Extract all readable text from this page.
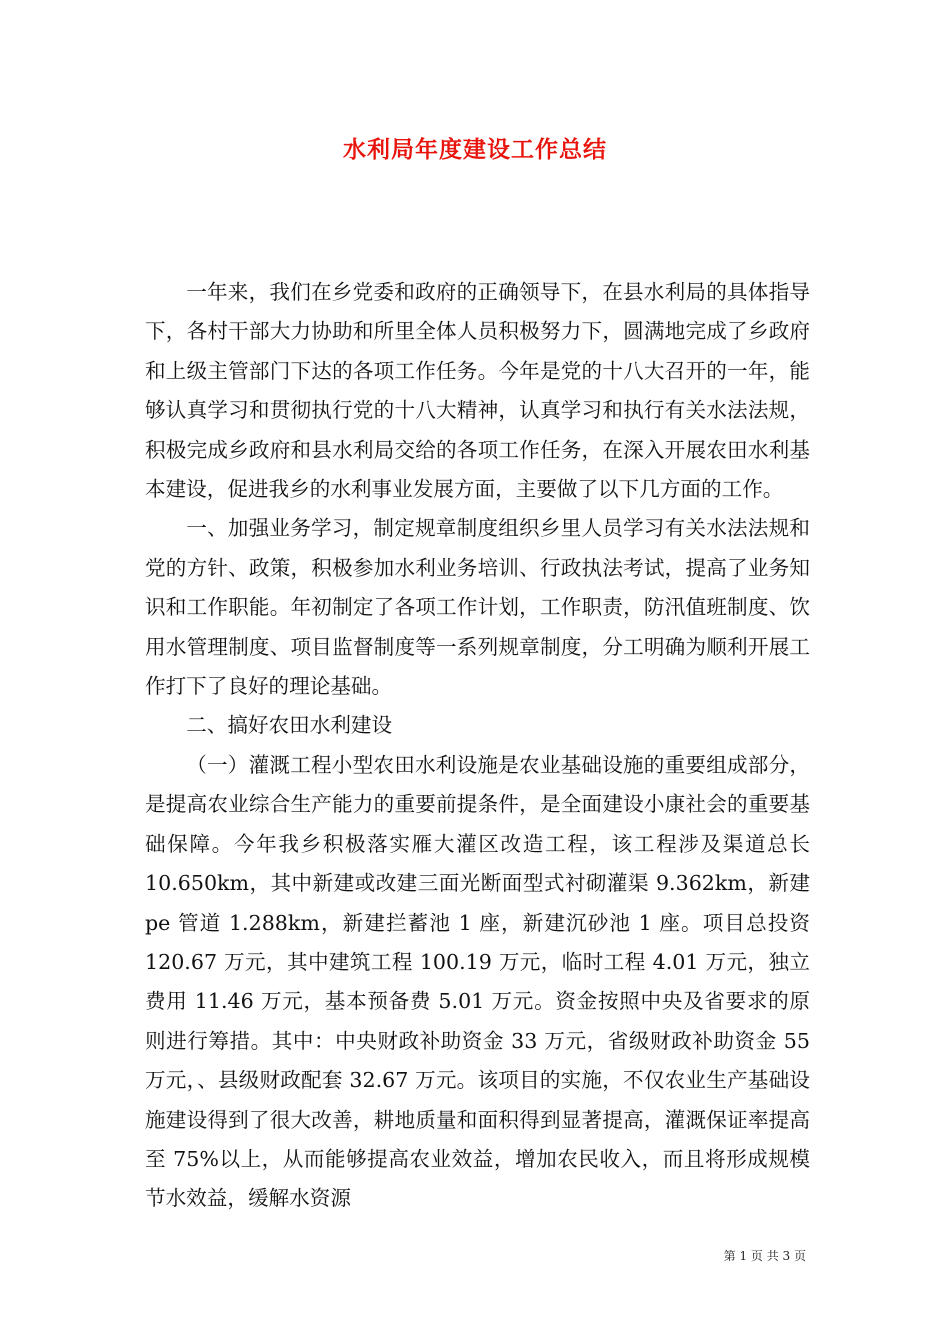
水利局年度建设工作总结

一年来，我们在乡党委和政府的正确领导下，在县水利局的具体指导下，各村干部大力协助和所里全体人员积极努力下，圆满地完成了乡政府和上级主管部门下达的各项工作任务。今年是党的十八大召开的一年，能够认真学习和贯彻执行党的十八大精神，认真学习和执行有关水法法规，积极完成乡政府和县水利局交给的各项工作任务，在深入开展农田水利基本建设，促进我乡的水利事业发展方面，主要做了以下几方面的工作。

一、加强业务学习，制定规章制度组织乡里人员学习有关水法法规和党的方针、政策，积极参加水利业务培训、行政执法考试，提高了业务知识和工作职能。年初制定了各项工作计划，工作职责，防汛值班制度、饮用水管理制度、项目监督制度等一系列规章制度，分工明确为顺利开展工作打下了良好的理论基础。

二、搞好农田水利建设

（一）灌溉工程小型农田水利设施是农业基础设施的重要组成部分，是提高农业综合生产能力的重要前提条件，是全面建设小康社会的重要基础保障。今年我乡积极落实雁大灌区改造工程，该工程涉及渠道总长 10.650km，其中新建或改建三面光断面型式衬砌灌渠 9.362km，新建 pe 管道 1.288km，新建拦蓄池 1 座，新建沉砂池 1 座。项目总投资 120.67 万元，其中建筑工程 100.19 万元，临时工程 4.01 万元，独立费用 11.46 万元，基本预备费 5.01 万元。资金按照中央及省要求的原则进行筹措。其中：中央财政补助资金 33 万元，省级财政补助资金 55 万元，、县级财政配套 32.67 万元。该项目的实施，不仅农业生产基础设施建设得到了很大改善，耕地质量和面积得到显著提高，灌溉保证率提高至 75%以上，从而能够提高农业效益，增加农民收入，而且将形成规模节水效益，缓解水资源

第 1 页 共 3 页
